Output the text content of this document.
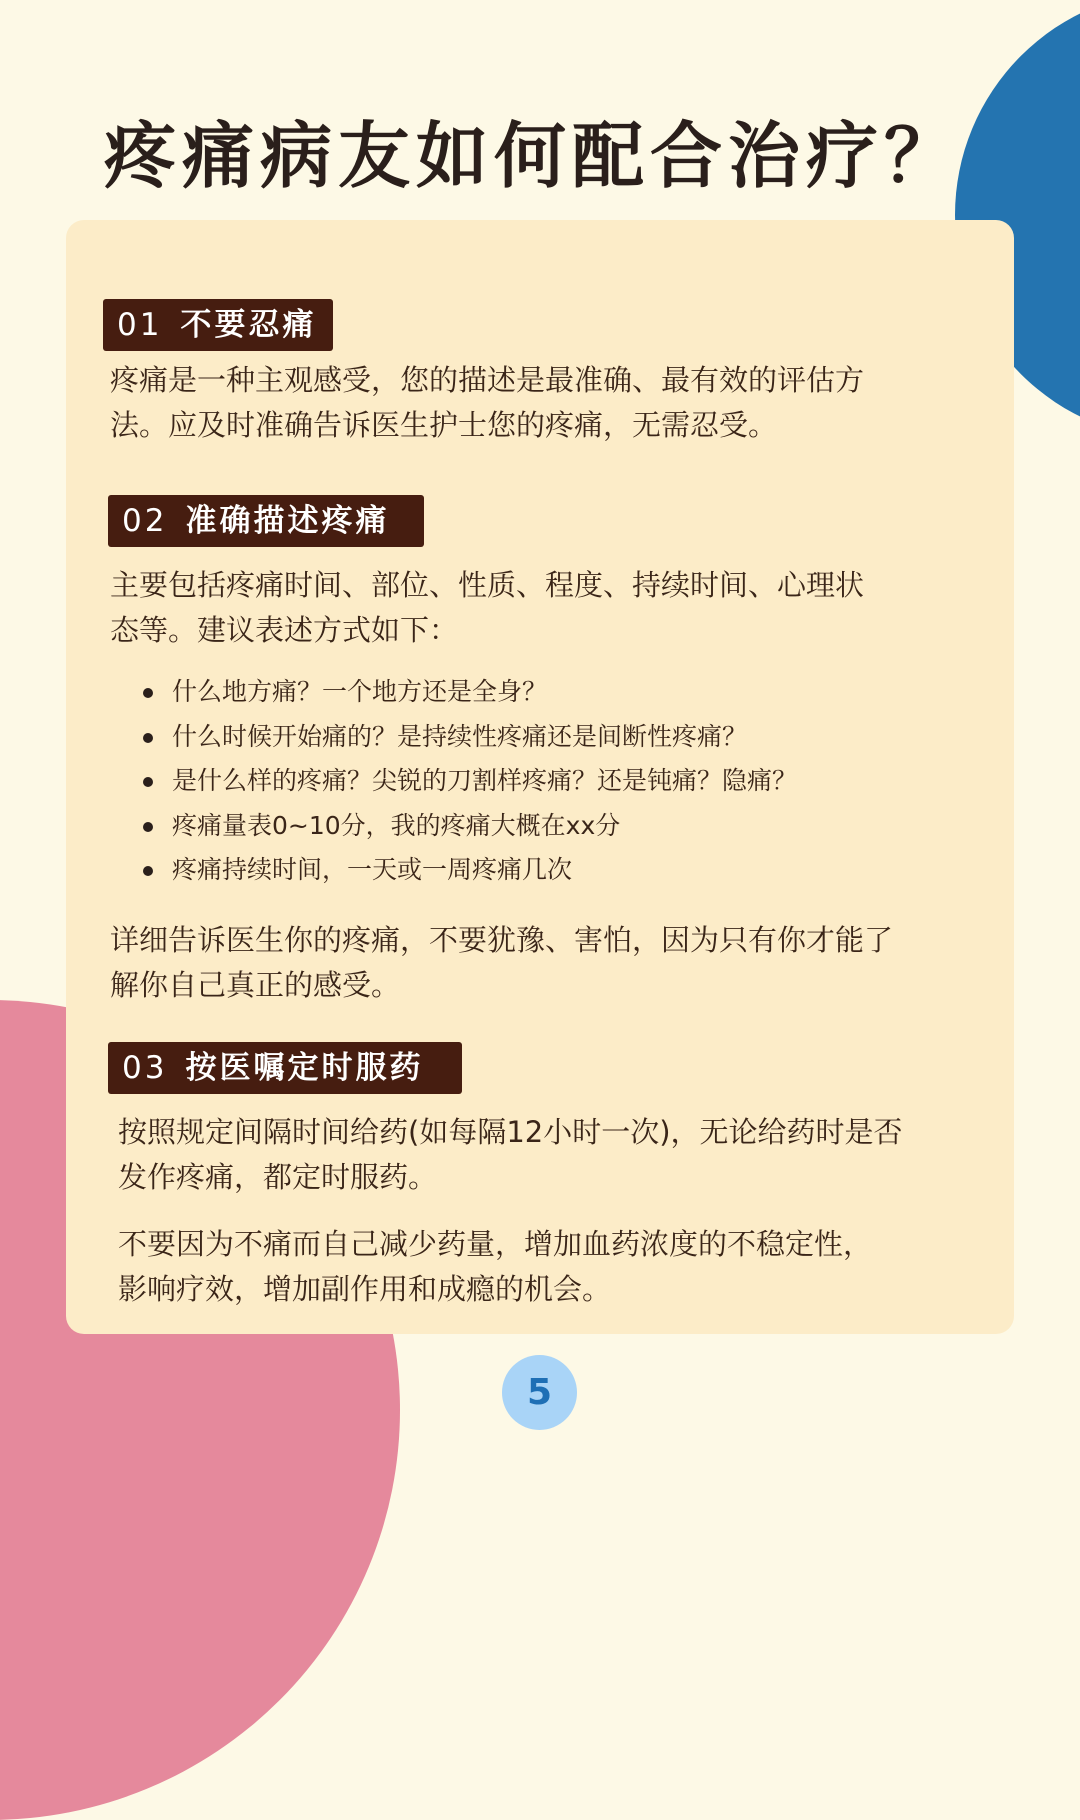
疼痛病友如何配合治疗？
01 不要忍痛

疼痛是一种主观感受，您的描述是最准确、最有效的评估方

法。应及时准确告诉医生护士您的疼痛，无需忍受。

02 准确描述疼痛

主要包括疼痛时间、部位、性质、程度、持续时间、心理状

态等。建议表述方式如下：

什么地方痛？一个地方还是全身？
什么时候开始痛的？是持续性疼痛还是间断性疼痛？
是什么样的疼痛？尖锐的刀割样疼痛？还是钝痛？隐痛？
疼痛量表0~10分，我的疼痛大概在xx分
疼痛持续时间，一天或一周疼痛几次

详细告诉医生你的疼痛，不要犹豫、害怕，因为只有你才能了

解你自己真正的感受。

03 按医嘱定时服药

按照规定间隔时间给药(如每隔12小时一次)，无论给药时是否

发作疼痛，都定时服药。

不要因为不痛而自己减少药量，增加血药浓度的不稳定性，

影响疗效，增加副作用和成瘾的机会。

5
